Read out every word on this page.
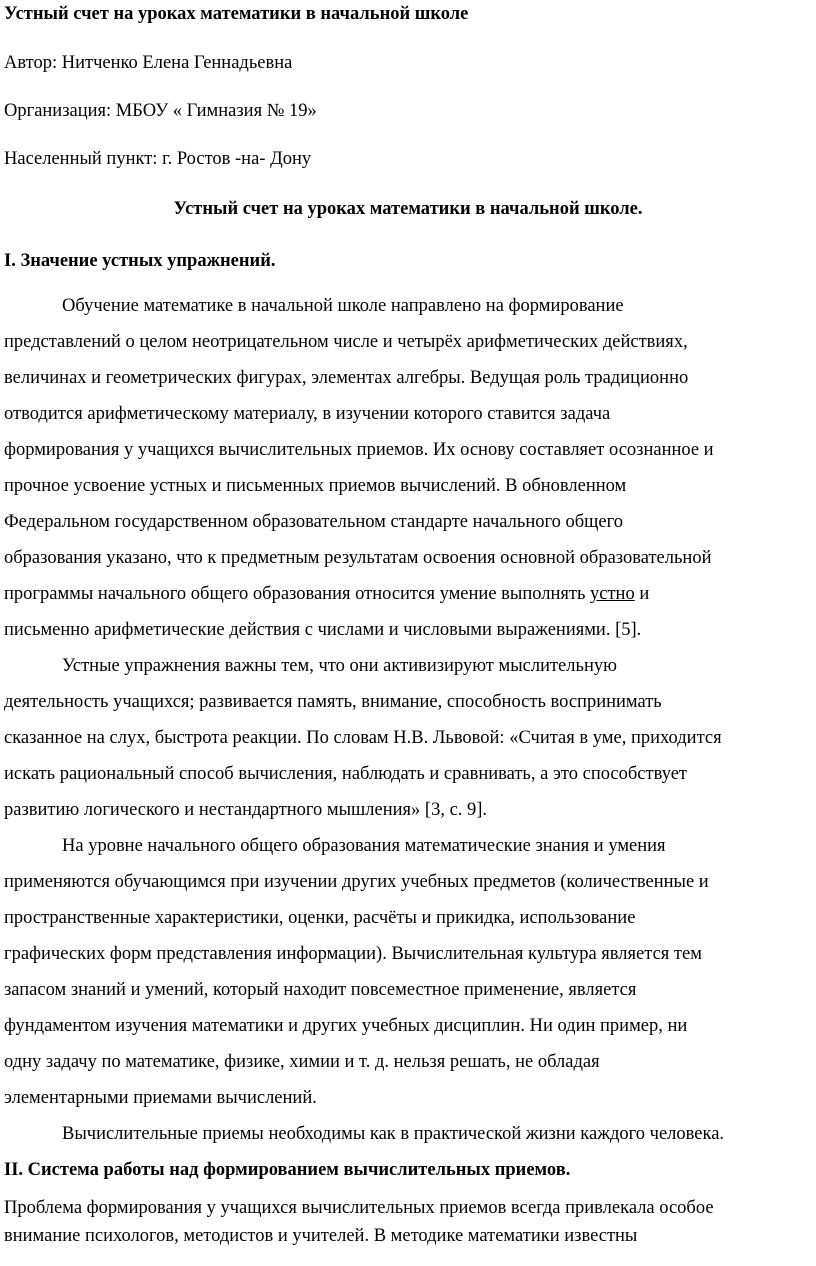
Устный счет на уроках математики в начальной школе

Автор: Нитченко Елена Геннадьевна

Организация: МБОУ « Гимназия № 19»

Населенный пункт: г. Ростов -на- Дону

Устный счет на уроках математики в начальной школе.

I. Значение устных упражнений.

Обучение математике в начальной школе направлено на формирование
представлений о целом неотрицательном числе и четырёх арифметических действиях,
величинах и геометрических фигурах, элементах алгебры. Ведущая роль традиционно
отводится арифметическому материалу, в изучении которого ставится задача
формирования у учащихся вычислительных приемов. Их основу составляет осознанное и
прочное усвоение устных и письменных приемов вычислений. В обновленном
Федеральном государственном образовательном стандарте начального общего
образования указано, что к предметным результатам освоения основной образовательной
программы начального общего образования относится умение выполнять устно и
письменно арифметические действия с числами и числовыми выражениями. [5].
Устные упражнения важны тем, что они активизируют мыслительную
деятельность учащихся; развивается память, внимание, способность воспринимать
сказанное на слух, быстрота реакции. По словам Н.В. Львовой: «Считая в уме, приходится
искать рациональный способ вычисления, наблюдать и сравнивать, а это способствует
развитию логического и нестандартного мышления» [3, с. 9].
На уровне начального общего образования математические знания и умения
применяются обучающимся при изучении других учебных предметов (количественные и
пространственные характеристики, оценки, расчёты и прикидка, использование
графических форм представления информации). Вычислительная культура является тем
запасом знаний и умений, который находит повсеместное применение, является
фундаментом изучения математики и других учебных дисциплин. Ни один пример, ни
одну задачу по математике, физике, химии и т. д. нельзя решать, не обладая
элементарными приемами вычислений.
Вычислительные приемы необходимы как в практической жизни каждого человека.

II. Система работы над формированием вычислительных приемов.

Проблема формирования у учащихся вычислительных приемов всегда привлекала особое
внимание психологов, методистов и учителей. В методике математики известны
